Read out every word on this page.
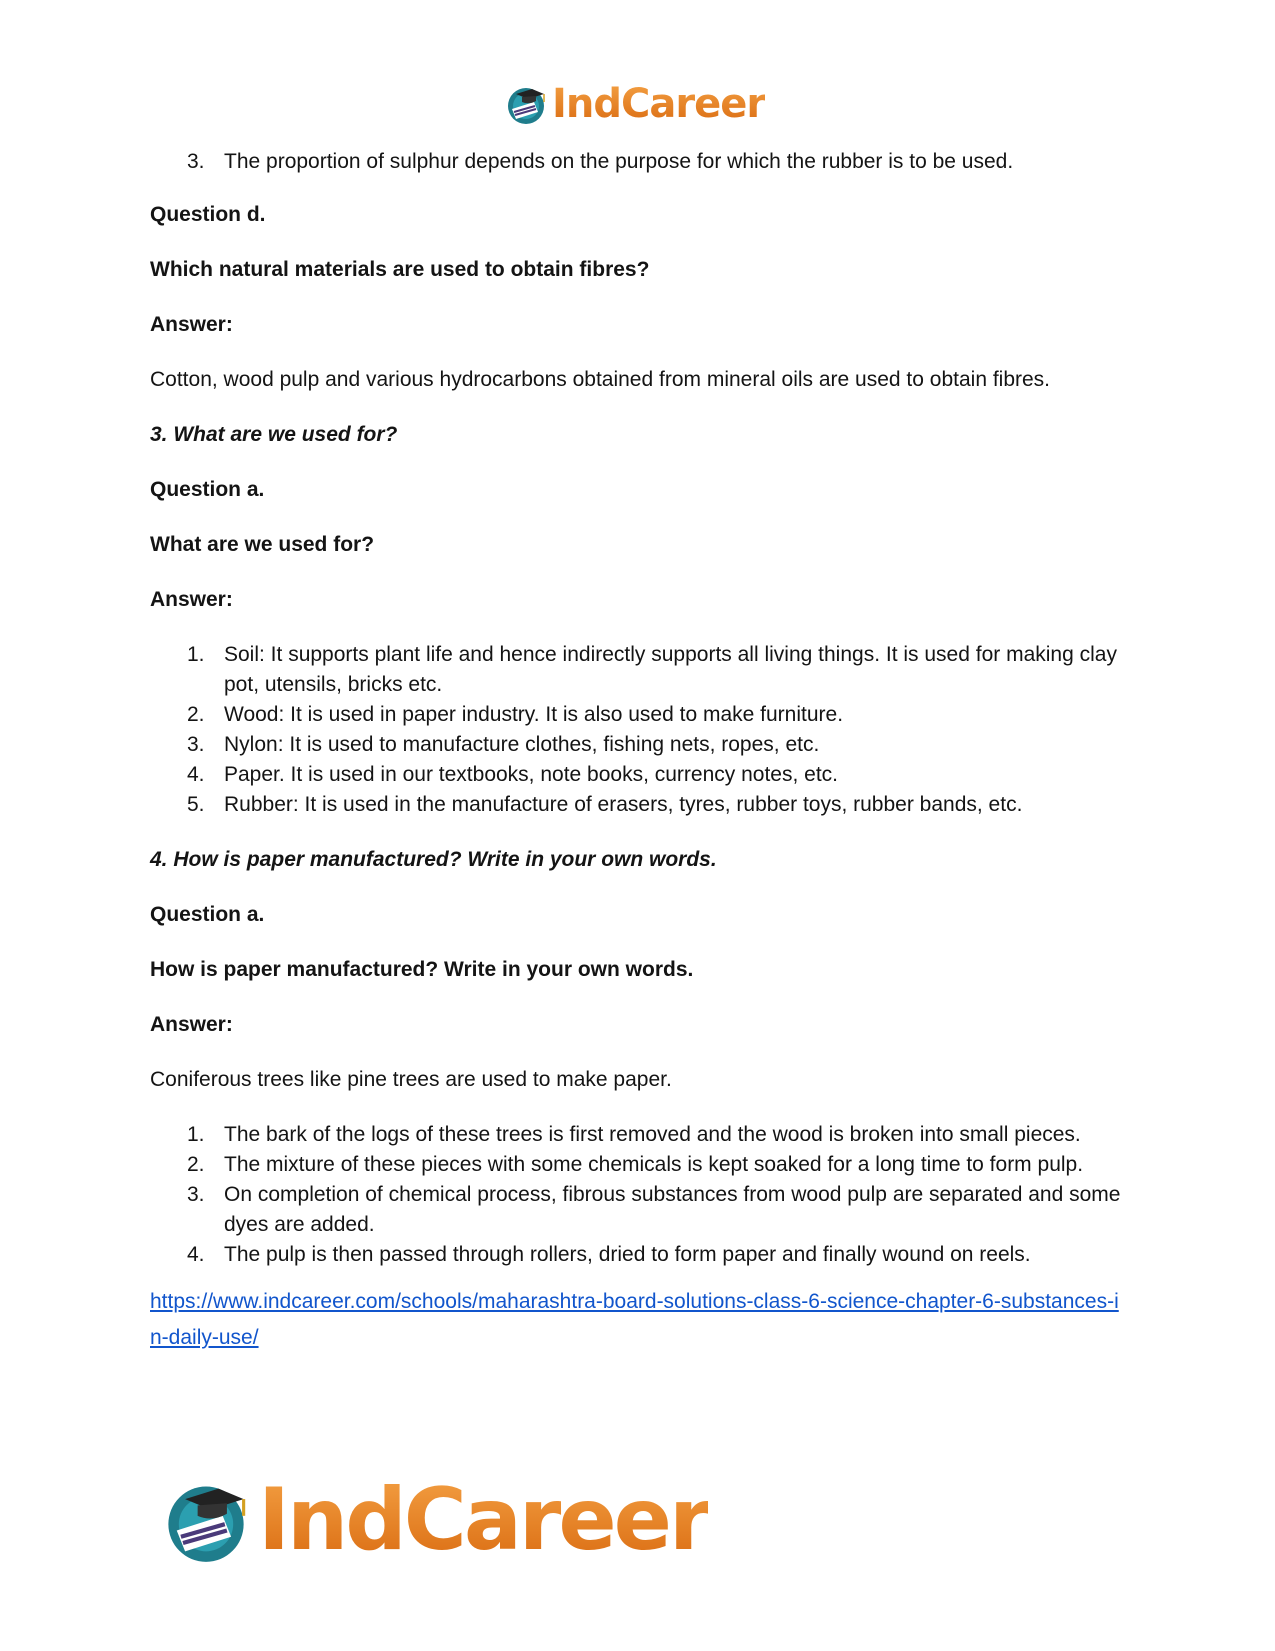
IndCareer
3. The proportion of sulphur depends on the purpose for which the rubber is to be used.

Question d.

Which natural materials are used to obtain fibres?

Answer:

Cotton, wood pulp and various hydrocarbons obtained from mineral oils are used to obtain fibres.

3. What are we used for?

Question a.

What are we used for?

Answer:

1. Soil: It supports plant life and hence indirectly supports all living things. It is used for making clay pot, utensils, bricks etc.
2. Wood: It is used in paper industry. It is also used to make furniture.
3. Nylon: It is used to manufacture clothes, fishing nets, ropes, etc.
4. Paper. It is used in our textbooks, note books, currency notes, etc.
5. Rubber: It is used in the manufacture of erasers, tyres, rubber toys, rubber bands, etc.

4. How is paper manufactured? Write in your own words.

Question a.

How is paper manufactured? Write in your own words.

Answer:

Coniferous trees like pine trees are used to make paper.

1. The bark of the logs of these trees is first removed and the wood is broken into small pieces.
2. The mixture of these pieces with some chemicals is kept soaked for a long time to form pulp.
3. On completion of chemical process, fibrous substances from wood pulp are separated and some dyes are added.
4. The pulp is then passed through rollers, dried to form paper and finally wound on reels.

https://www.indcareer.com/schools/maharashtra-board-solutions-class-6-science-chapter-6-substances-in-daily-use/

IndCareer
